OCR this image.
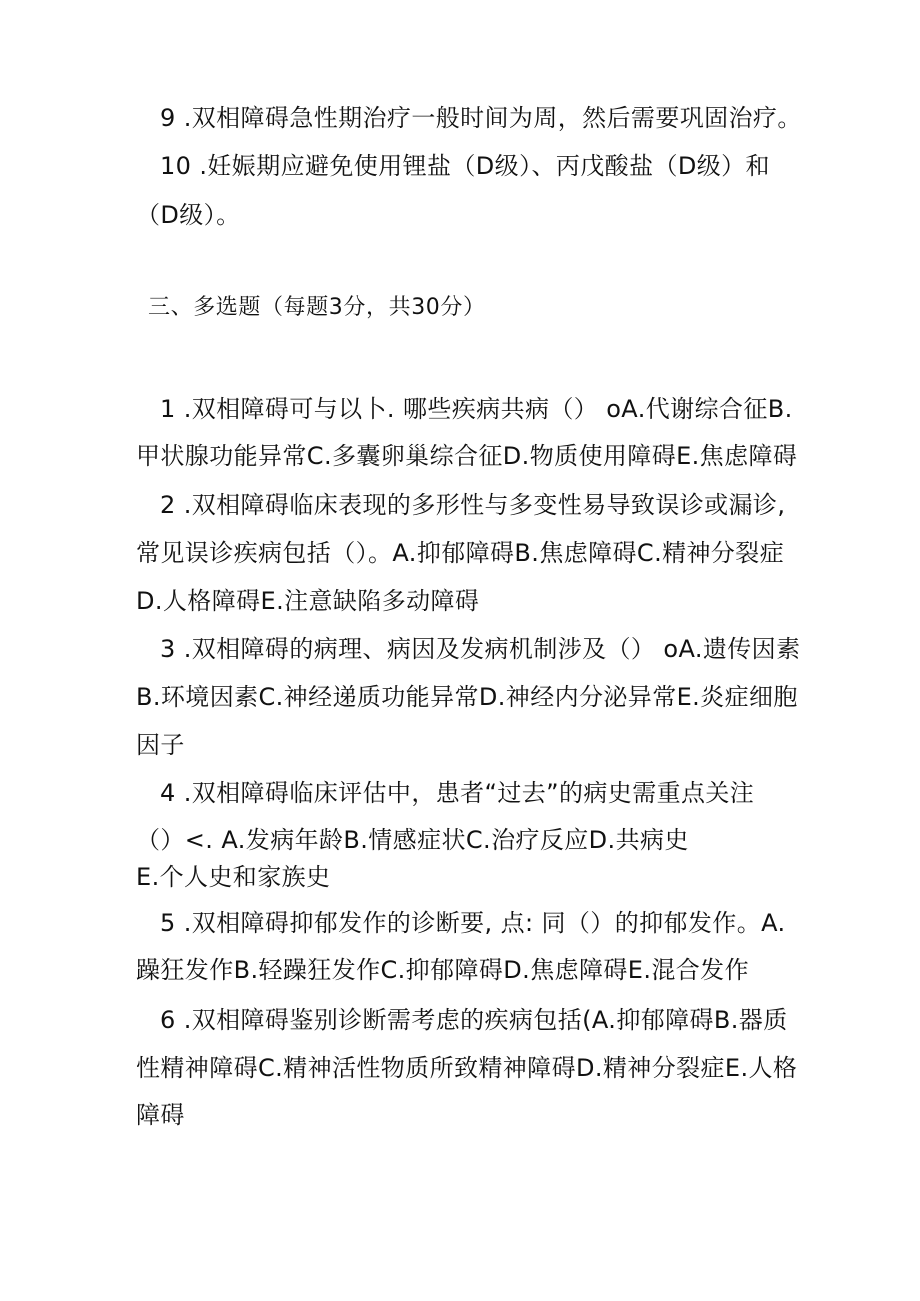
9 .双相障碍急性期治疗一般时间为周，然后需要巩固治疗。
10 .妊娠期应避免使用锂盐（D级）、丙戊酸盐（D级）和
（D级）。
三、多选题（每题3分，共30分）
1 .双相障碍可与以卜. 哪些疾病共病（） oA.代谢综合征B.
甲状腺功能异常C.多囊卵巢综合征D.物质使用障碍E.焦虑障碍
2 .双相障碍临床表现的多形性与多变性易导致误诊或漏诊,
常见误诊疾病包括（）。A.抑郁障碍B.焦虑障碍C.精神分裂症
D.人格障碍E.注意缺陷多动障碍
3 .双相障碍的病理、病因及发病机制涉及（） oA.遗传因素
B.环境因素C.神经递质功能异常D.神经内分泌异常E.炎症细胞
因子
4 .双相障碍临床评估中，患者“过去”的病史需重点关注
（）<. A.发病年龄B.情感症状C.治疗反应D.共病史
E.个人史和家族史
5 .双相障碍抑郁发作的诊断要, 点: 同（）的抑郁发作。A.
躁狂发作B.轻躁狂发作C.抑郁障碍D.焦虑障碍E.混合发作
6 .双相障碍鉴别诊断需考虑的疾病包括(A.抑郁障碍B.器质
性精神障碍C.精神活性物质所致精神障碍D.精神分裂症E.人格
障碍
